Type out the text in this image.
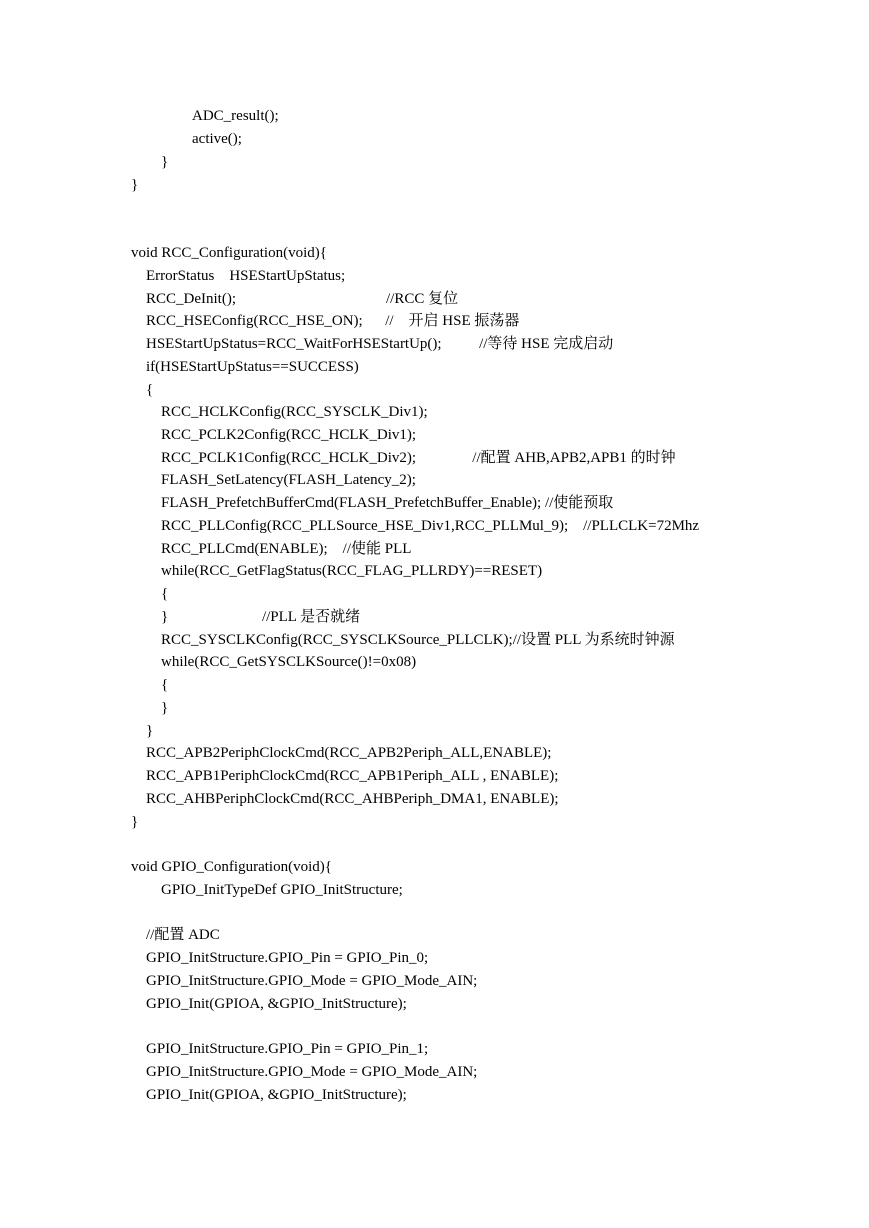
ADC_result();
active();
}
}
void RCC_Configuration(void){
ErrorStatus    HSEStartUpStatus;
RCC_DeInit();                                        //RCC 复位
RCC_HSEConfig(RCC_HSE_ON);      //    开启 HSE 振荡器
HSEStartUpStatus=RCC_WaitForHSEStartUp();          //等待 HSE 完成启动
if(HSEStartUpStatus==SUCCESS)
{
RCC_HCLKConfig(RCC_SYSCLK_Div1);
RCC_PCLK2Config(RCC_HCLK_Div1);
RCC_PCLK1Config(RCC_HCLK_Div2);               //配置 AHB,APB2,APB1 的时钟
FLASH_SetLatency(FLASH_Latency_2);
FLASH_PrefetchBufferCmd(FLASH_PrefetchBuffer_Enable); //使能预取
RCC_PLLConfig(RCC_PLLSource_HSE_Div1,RCC_PLLMul_9);    //PLLCLK=72Mhz
RCC_PLLCmd(ENABLE);    //使能 PLL
while(RCC_GetFlagStatus(RCC_FLAG_PLLRDY)==RESET)
{
}                         //PLL 是否就绪
RCC_SYSCLKConfig(RCC_SYSCLKSource_PLLCLK);//设置 PLL 为系统时钟源
while(RCC_GetSYSCLKSource()!=0x08)
{
}
}
RCC_APB2PeriphClockCmd(RCC_APB2Periph_ALL,ENABLE);
RCC_APB1PeriphClockCmd(RCC_APB1Periph_ALL , ENABLE);
RCC_AHBPeriphClockCmd(RCC_AHBPeriph_DMA1, ENABLE);
}
void GPIO_Configuration(void){
GPIO_InitTypeDef GPIO_InitStructure;
//配置 ADC
GPIO_InitStructure.GPIO_Pin = GPIO_Pin_0;
GPIO_InitStructure.GPIO_Mode = GPIO_Mode_AIN;
GPIO_Init(GPIOA, &GPIO_InitStructure);
GPIO_InitStructure.GPIO_Pin = GPIO_Pin_1;
GPIO_InitStructure.GPIO_Mode = GPIO_Mode_AIN;
GPIO_Init(GPIOA, &GPIO_InitStructure);
